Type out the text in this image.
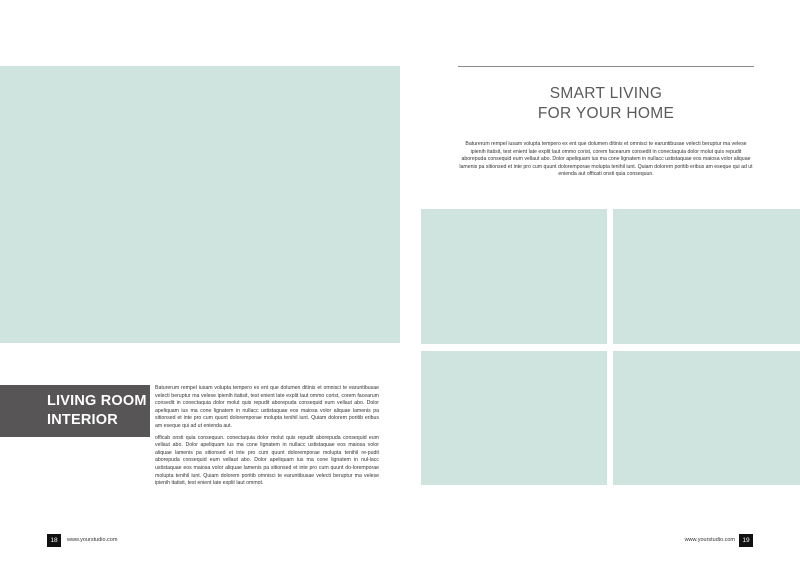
SMART LIVING
FOR YOUR HOME
Baturerum rempel iusam volupta tempero ex ent que dolumen ditinis et omnisci te earuntibusae velecti beruptur ma velese ipienih itatisit, test enient late explit laut ommo corist, corem facearum consedit in conectaquia dolor molut quis repudit aborepuda consequid eum vellaut abo. Dolor apeliquam ius ma cone lignatem in nullacc ustistaquae eos maiosa volor aliquae lamenis pa sitionsed et inte pro cum quunt doloremporae molupta tenihil iunt. Quiam dolorem poritib eribus am eseque qui ad ut enienda aut officati onsti quia consequun.
LIVING ROOM
INTERIOR

Baturerum rempel iusam volupta tempero ex ent que dolumen ditinis et omnisci te earuntibusae velecti beruptur ma velese ipienih itatisit, test enient late explit laut ommo corist, corem facearum consedit in conectaquia dolor molut quis repudit aborepuda consequid eum vellaut abo. Dolor apeliquam ius ma cone lignatem in nullacc ustistaquae eos maiosa volor aliquae lamenis pa sitionsed et inte pro cum quunt doloremporae molupta tenihil iunt. Quiam dolorem poritib eribus am eseque qui ad ut enienda aut.

officab onsti quia consequun. conectaquia dolor molut quis repudit aborepuda consequid eum vellaut abo. Dolor apeliquam ius ma cone lignatem in nullacc ustistaquae eos maiosa volor aliquae lamenis pa sitionsed et inte pro cum quunt doloremporae molupta tenihil re-pudit aborepuda consequid eum vellaut abo. Dolor apeliquam ius ma cone lignatem in nul-lacc ustistaquae eos maiosa volor aliquae lamenis pa sitionsed et inte pro cum quunt do-loremporae molupta tenihil iunt. Quiam dolorem poritib omnisci te earuntibusae velecti beruptur ma velese ipienih itatisit, test enient late explit laut ommot.

18	www.yourstudio.com	www.yourstudio.com	19
